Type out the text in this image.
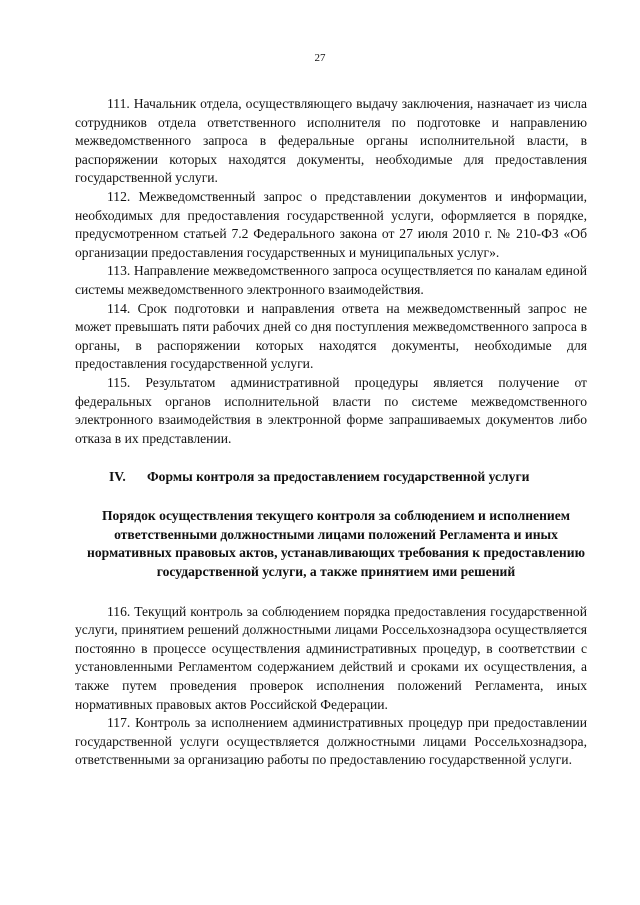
27

111. Начальник отдела, осуществляющего выдачу заключения, назначает из числа сотрудников отдела ответственного исполнителя по подготовке и направлению межведомственного запроса в федеральные органы исполнительной власти, в распоряжении которых находятся документы, необходимые для предоставления государственной услуги.

112. Межведомственный запрос о представлении документов и информации, необходимых для предоставления государственной услуги, оформляется в порядке, предусмотренном статьей 7.2 Федерального закона от 27 июля 2010 г. № 210-ФЗ «Об организации предоставления государственных и муниципальных услуг».

113. Направление межведомственного запроса осуществляется по каналам единой системы межведомственного электронного взаимодействия.

114. Срок подготовки и направления ответа на межведомственный запрос не может превышать пяти рабочих дней со дня поступления межведомственного запроса в органы, в распоряжении которых находятся документы, необходимые для предоставления государственной услуги.

115. Результатом административной процедуры является получение от федеральных органов исполнительной власти по системе межведомственного электронного взаимодействия в электронной форме запрашиваемых документов либо отказа в их представлении.

IV. Формы контроля за предоставлением государственной услуги
Порядок осуществления текущего контроля за соблюдением и исполнением ответственными должностными лицами положений Регламента и иных нормативных правовых актов, устанавливающих требования к предоставлению государственной услуги, а также принятием ими решений

116. Текущий контроль за соблюдением порядка предоставления государственной услуги, принятием решений должностными лицами Россельхознадзора осуществляется постоянно в процессе осуществления административных процедур, в соответствии с установленными Регламентом содержанием действий и сроками их осуществления, а также путем проведения проверок исполнения положений Регламента, иных нормативных правовых актов Российской Федерации.

117. Контроль за исполнением административных процедур при предоставлении государственной услуги осуществляется должностными лицами Россельхознадзора, ответственными за организацию работы по предоставлению государственной услуги.
